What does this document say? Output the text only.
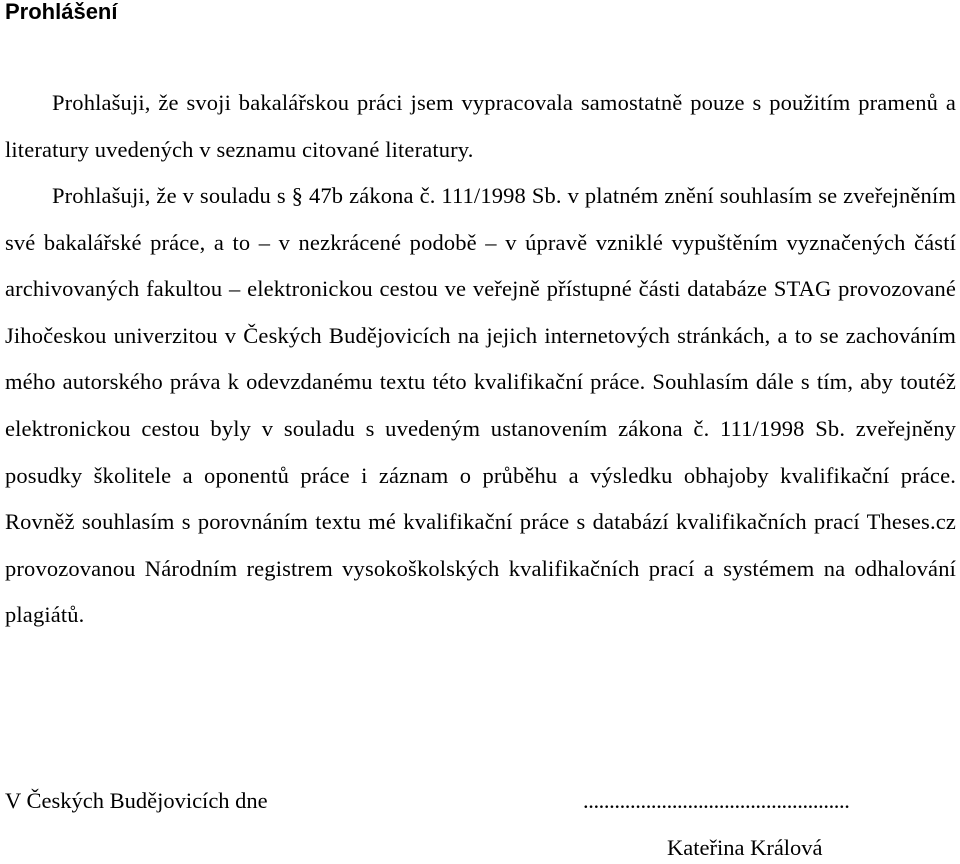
Prohlášení

Prohlašuji, že svoji bakalářskou práci jsem vypracovala samostatně pouze s použitím pramenů a literatury uvedených v seznamu citované literatury.

Prohlašuji, že v souladu s § 47b zákona č. 111/1998 Sb. v platném znění souhlasím se zveřejněním své bakalářské práce, a to – v nezkrácené podobě – v úpravě vzniklé vypuštěním vyznačených částí archivovaných fakultou – elektronickou cestou ve veřejně přístupné části databáze STAG provozované Jihočeskou univerzitou v Českých Budějovicích na jejich internetových stránkách, a to se zachováním mého autorského práva k odevzdanému textu této kvalifikační práce. Souhlasím dále s tím, aby toutéž elektronickou cestou byly v souladu s uvedeným ustanovením zákona č. 111/1998 Sb. zveřejněny posudky školitele a oponentů práce i záznam o průběhu a výsledku obhajoby kvalifikační práce. Rovněž souhlasím s porovnáním textu mé kvalifikační práce s databází kvalifikačních prací Theses.cz provozovanou Národním registrem vysokoškolských kvalifikačních prací a systémem na odhalování plagiátů.

V Českých Budějovicích dne	...................................................

Kateřina Králová
